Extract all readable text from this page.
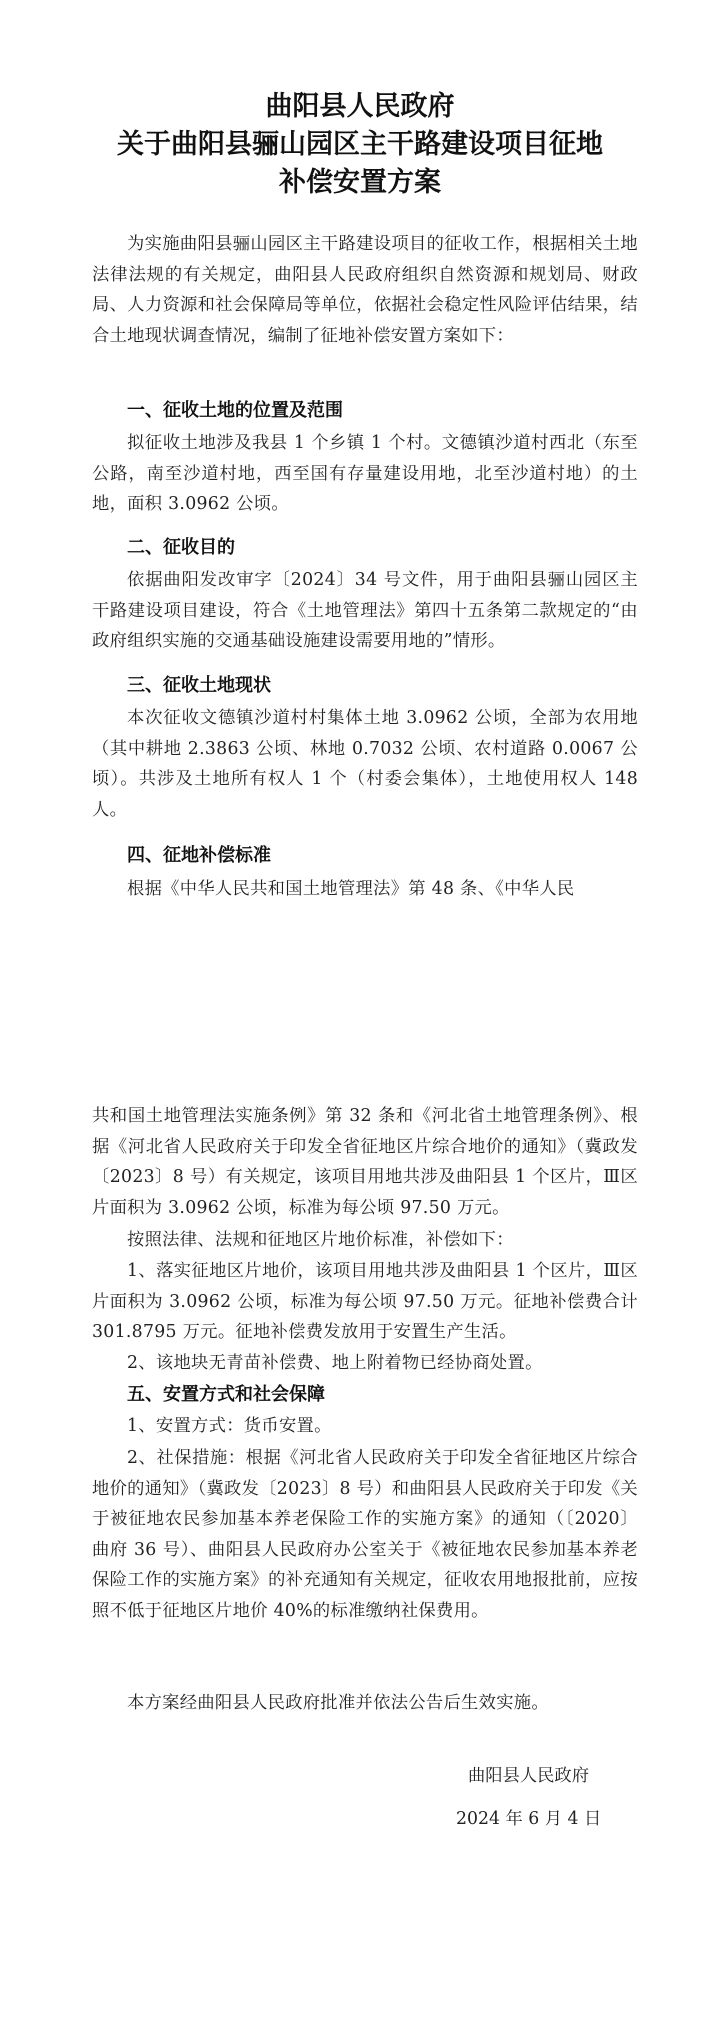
曲阳县人民政府
关于曲阳县骊山园区主干路建设项目征地
补偿安置方案

为实施曲阳县骊山园区主干路建设项目的征收工作，根据相关土地法律法规的有关规定，曲阳县人民政府组织自然资源和规划局、财政局、人力资源和社会保障局等单位，依据社会稳定性风险评估结果，结合土地现状调查情况，编制了征地补偿安置方案如下：

一、征收土地的位置及范围

拟征收土地涉及我县 1 个乡镇 1 个村。文德镇沙道村西北（东至公路，南至沙道村地，西至国有存量建设用地，北至沙道村地）的土地，面积 3.0962 公顷。

二、征收目的

依据曲阳发改审字〔2024〕34 号文件，用于曲阳县骊山园区主干路建设项目建设，符合《土地管理法》第四十五条第二款规定的“由政府组织实施的交通基础设施建设需要用地的”情形。

三、征收土地现状

本次征收文德镇沙道村村集体土地 3.0962 公顷，全部为农用地（其中耕地 2.3863 公顷、林地 0.7032 公顷、农村道路 0.0067 公顷）。共涉及土地所有权人 1 个（村委会集体），土地使用权人 148 人。

四、征地补偿标准

根据《中华人民共和国土地管理法》第 48 条、《中华人民

共和国土地管理法实施条例》第 32 条和《河北省土地管理条例》、根据《河北省人民政府关于印发全省征地区片综合地价的通知》（冀政发〔2023〕8 号）有关规定，该项目用地共涉及曲阳县 1 个区片，Ⅲ区片面积为 3.0962 公顷，标准为每公顷 97.50 万元。

按照法律、法规和征地区片地价标准，补偿如下：

1、落实征地区片地价，该项目用地共涉及曲阳县 1 个区片，Ⅲ区片面积为 3.0962 公顷，标准为每公顷 97.50 万元。征地补偿费合计 301.8795 万元。征地补偿费发放用于安置生产生活。

2、该地块无青苗补偿费、地上附着物已经协商处置。

五、安置方式和社会保障

1、安置方式：货币安置。

2、社保措施：根据《河北省人民政府关于印发全省征地区片综合地价的通知》（冀政发〔2023〕8 号）和曲阳县人民政府关于印发《关于被征地农民参加基本养老保险工作的实施方案》的通知（〔2020〕曲府 36 号）、曲阳县人民政府办公室关于《被征地农民参加基本养老保险工作的实施方案》的补充通知有关规定，征收农用地报批前，应按照不低于征地区片地价 40%的标准缴纳社保费用。

本方案经曲阳县人民政府批准并依法公告后生效实施。

曲阳县人民政府

2024 年 6 月 4 日
